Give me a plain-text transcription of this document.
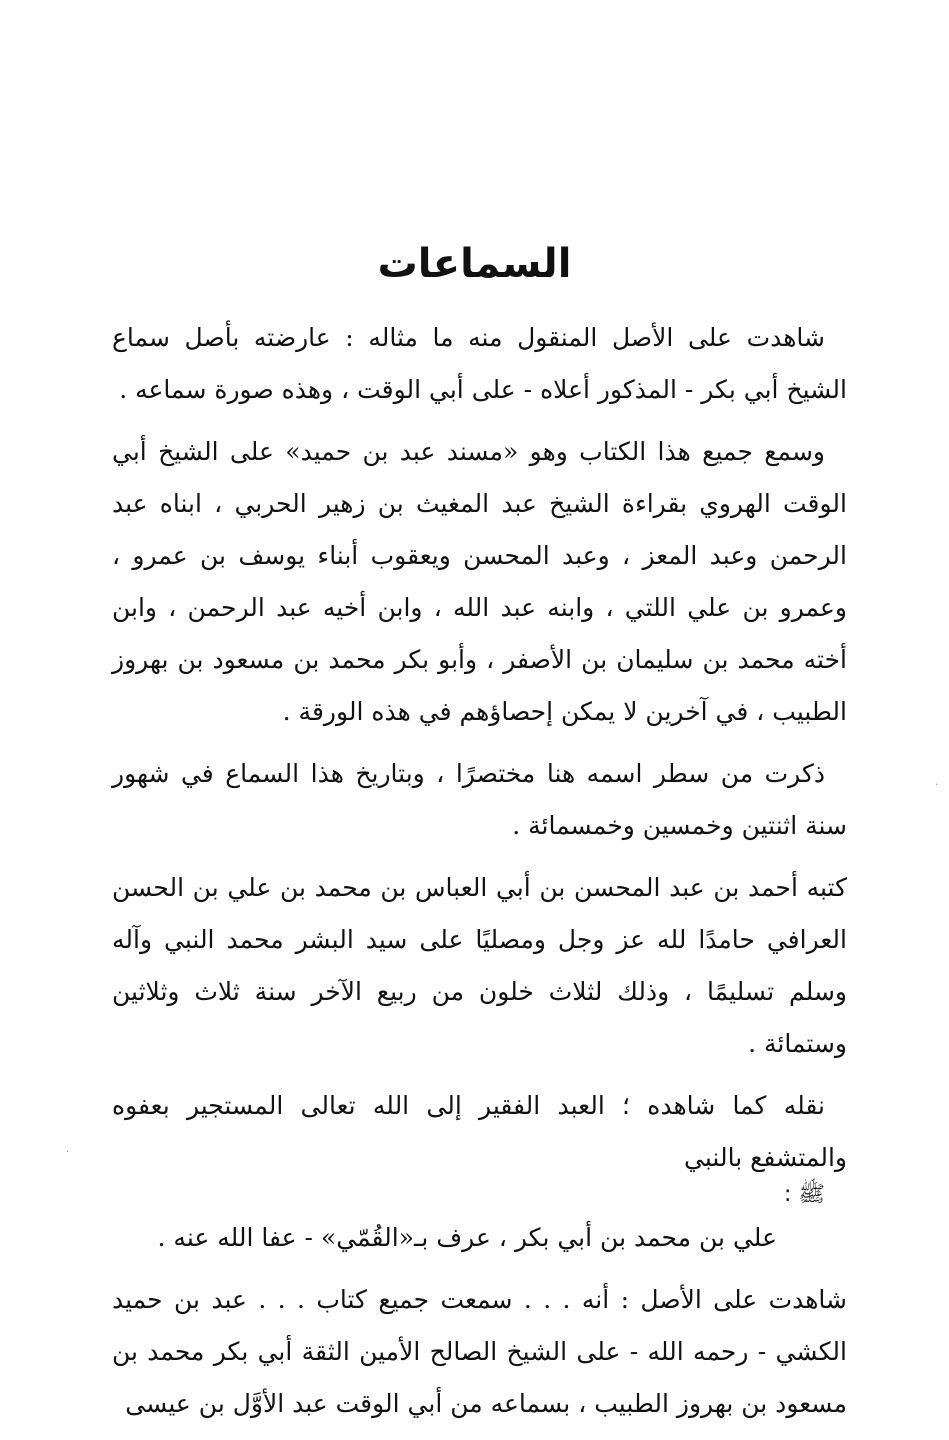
السماعات

شاهدت على الأصل المنقول منه ما مثاله : عارضته بأصل سماع الشيخ أبي بكر - المذكور أعلاه - على أبي الوقت ، وهذه صورة سماعه .

وسمع جميع هذا الكتاب وهو «مسند عبد بن حميد» على الشيخ أبي الوقت الهروي بقراءة الشيخ عبد المغيث بن زهير الحربي ، ابناه عبد الرحمن وعبد المعز ، وعبد المحسن ويعقوب أبناء يوسف بن عمرو ، وعمرو بن علي اللتي ، وابنه عبد الله ، وابن أخيه عبد الرحمن ، وابن أخته محمد بن سليمان بن الأصفر ، وأبو بكر محمد بن مسعود بن بهروز الطبيب ، في آخرين لا يمكن إحصاؤهم في هذه الورقة .

ذكرت من سطر اسمه هنا مختصرًا ، وبتاريخ هذا السماع في شهور سنة اثنتين وخمسين وخمسمائة .

كتبه أحمد بن عبد المحسن بن أبي العباس بن محمد بن علي بن الحسن العرافي حامدًا لله عز وجل ومصليًا على سيد البشر محمد النبي وآله وسلم تسليمًا ، وذلك لثلاث خلون من ربيع الآخر سنة ثلاث وثلاثين وستمائة .

نقله كما شاهده ؛ العبد الفقير إلى الله تعالى المستجير بعفوه والمتشفع بالنبي
ﷺ :

علي بن محمد بن أبي بكر ، عرف بـ«القُمّي» - عفا الله عنه .

شاهدت على الأصل : أنه . . . سمعت جميع كتاب . . . عبد بن حميد الكشي - رحمه الله - على الشيخ الصالح الأمين الثقة أبي بكر محمد بن مسعود بن بهروز الطبيب ، بسماعه من أبي الوقت عبد الأوَّل بن عيسى

·
·
